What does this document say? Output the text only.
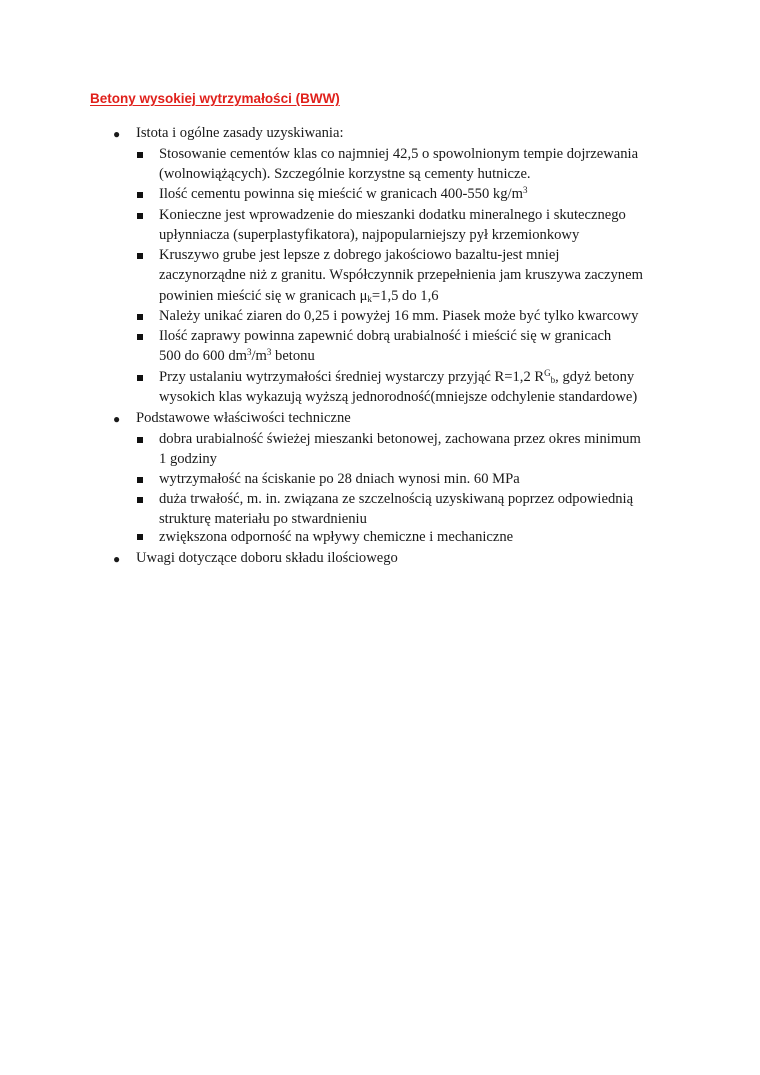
Betony wysokiej wytrzymałości (BWW)
● Istota i ogólne zasady uzyskiwania:
Stosowanie cementów klas co najmniej 42,5 o spowolnionym tempie dojrzewania
(wolnowiążących). Szczególnie korzystne są cementy hutnicze.
Ilość cementu powinna się mieścić w granicach 400-550 $kg/m^3$
Konieczne jest wprowadzenie do mieszanki dodatku mineralnego i skutecznego
upłynniacza (superplastyfikatora), najpopularniejszy pył krzemionkowy
Kruszywo grube jest lepsze z dobrego jakościowo bazaltu-jest mniej
zaczynorządne niż z granitu. Współczynnik przepełnienia jam kruszywa zaczynem
powinien mieścić się w granicach $\mu_k=1,5$ do 1,6
Należy unikać ziaren do 0,25 i powyżej 16 mm. Piasek może być tylko kwarcowy
Ilość zaprawy powinna zapewnić dobrą urabialność i mieścić się w granicach
500 do 600 $dm^3/m^3$ betonu
Przy ustalaniu wytrzymałości średniej wystarczy przyjąć R=1,2 $R^G_b$, gdyż betony
wysokich klas wykazują wyższą jednorodność(mniejsze odchylenie standardowe)
● Podstawowe właściwości techniczne
dobra urabialność świeżej mieszanki betonowej, zachowana przez okres minimum
1 godziny
wytrzymałość na ściskanie po 28 dniach wynosi min. 60 MPa
duża trwałość, m. in. związana ze szczelnością uzyskiwaną poprzez odpowiednią
strukturę materiału po stwardnieniu
zwiększona odporność na wpływy chemiczne i mechaniczne
● Uwagi dotyczące doboru składu ilościowego
